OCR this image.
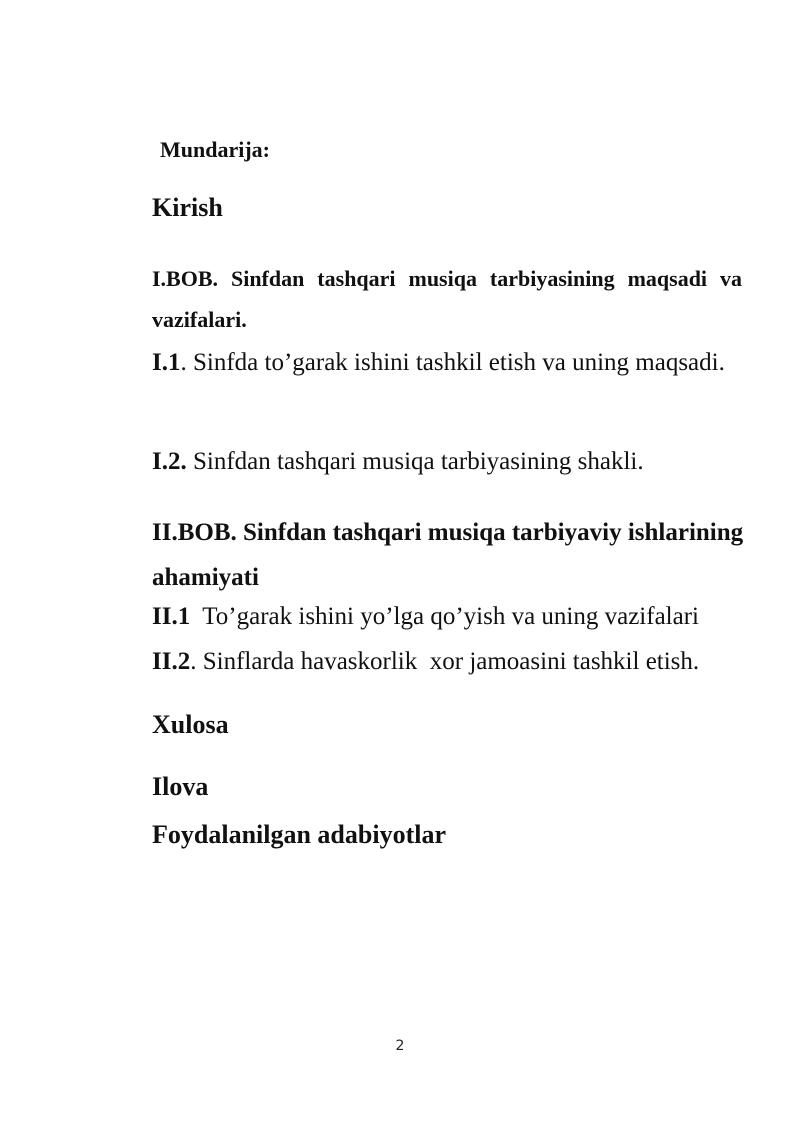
Mundarija:

Kirish

I.BOB. Sinfdan tashqari musiqa tarbiyasining maqsadi va vazifalari.

I.1. Sinfda to’garak ishini tashkil etish va uning maqsadi.

I.2. Sinfdan tashqari musiqa tarbiyasining shakli.

II.BOB. Sinfdan tashqari musiqa tarbiyaviy ishlarining ahamiyati

II.1  To’garak ishini yo’lga qo’yish va uning vazifalari

II.2. Sinflarda havaskorlik  xor jamoasini tashkil etish.

Xulosa

Ilova

Foydalanilgan adabiyotlar

2
